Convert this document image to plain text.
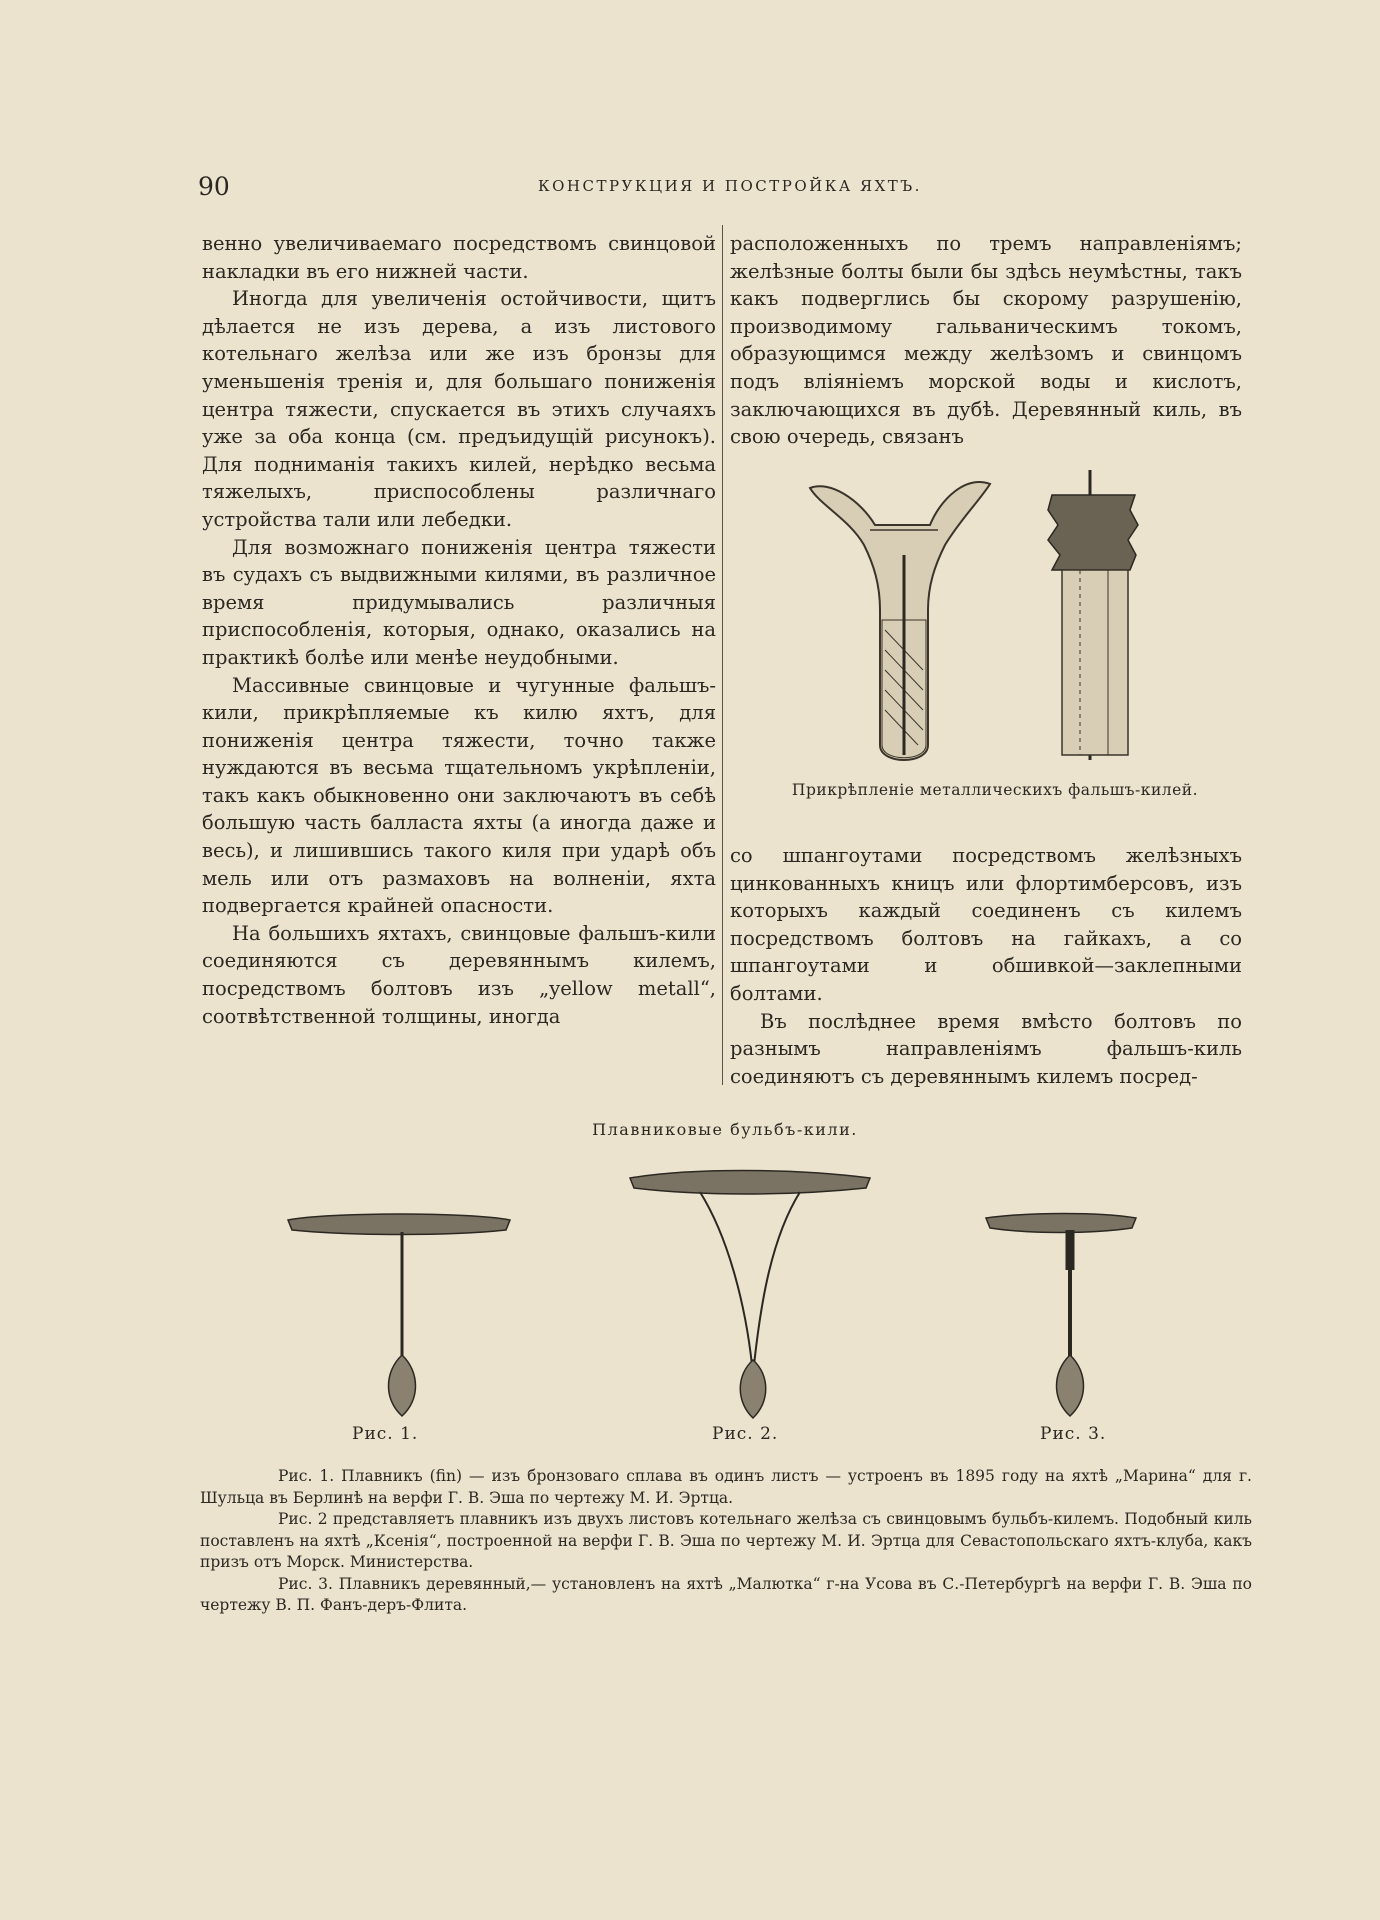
90	КОНСТРУКЦИЯ И ПОСТРОЙКА ЯХТЪ.

венно увеличиваемаго посредствомъ свинцовой накладки въ его нижней части.

Иногда для увеличенія остойчивости, щитъ дѣлается не изъ дерева, а изъ листового котельнаго желѣза или же изъ бронзы для уменьшенія тренія и, для большаго пониженія центра тяжести, спускается въ этихъ случаяхъ уже за оба конца (см. предъидущій рисунокъ). Для подниманія такихъ килей, нерѣдко весьма тяжелыхъ, приспособлены различнаго устройства тали или лебедки.

Для возможнаго пониженія центра тяжести въ судахъ съ выдвижными килями, въ различное время придумывались различныя приспособленія, которыя, однако, оказались на практикѣ болѣе или менѣе неудобными.

Массивные свинцовые и чугунные фальшъ-кили, прикрѣпляемые къ килю яхтъ, для пониженія центра тяжести, точно также нуждаются въ весьма тщательномъ укрѣпленіи, такъ какъ обыкновенно они заключаютъ въ себѣ большую часть балласта яхты (а иногда даже и весь), и лишившись такого киля при ударѣ объ мель или отъ размаховъ на волненіи, яхта подвергается крайней опасности.

На большихъ яхтахъ, свинцовые фальшъ-кили соединяются съ деревяннымъ килемъ, посредствомъ болтовъ изъ „yellow metall“, соотвѣтственной толщины, иногда

расположенныхъ по тремъ направленіямъ; желѣзные болты были бы здѣсь неумѣстны, такъ какъ подверглись бы скорому разрушенію, производимому гальваническимъ токомъ, образующимся между желѣзомъ и свинцомъ подъ вліяніемъ морской воды и кислотъ, заключающихся въ дубѣ. Деревянный киль, въ свою очередь, связанъ

Прикрѣпленіе металлическихъ фальшъ-килей.

со шпангоутами посредствомъ желѣзныхъ цинкованныхъ кницъ или флортимберсовъ, изъ которыхъ каждый соединенъ съ килемъ посредствомъ болтовъ на гайкахъ, а со шпангоутами и обшивкой—заклепными болтами.

Въ послѣднее время вмѣсто болтовъ по разнымъ направленіямъ фальшъ-киль соединяютъ съ деревяннымъ килемъ посред-

Плавниковые бульбъ-кили.
Рис. 1.	Рис. 2.	Рис. 3.

Рис. 1. Плавникъ (fin) — изъ бронзоваго сплава въ одинъ листъ — устроенъ въ 1895 году на яхтѣ „Марина“ для г. Шульца въ Берлинѣ на верфи Г. В. Эша по чертежу М. И. Эртца.

Рис. 2 представляетъ плавникъ изъ двухъ листовъ котельнаго желѣза съ свинцовымъ бульбъ-килемъ. Подобный киль поставленъ на яхтѣ „Ксенія“, построенной на верфи Г. В. Эша по чертежу М. И. Эртца для Севастопольскаго яхтъ-клуба, какъ призъ отъ Морск. Министерства.

Рис. 3. Плавникъ деревянный,— установленъ на яхтѣ „Малютка“ г-на Усова въ С.-Петербургѣ на верфи Г. В. Эша по чертежу В. П. Фанъ-деръ-Флита.
